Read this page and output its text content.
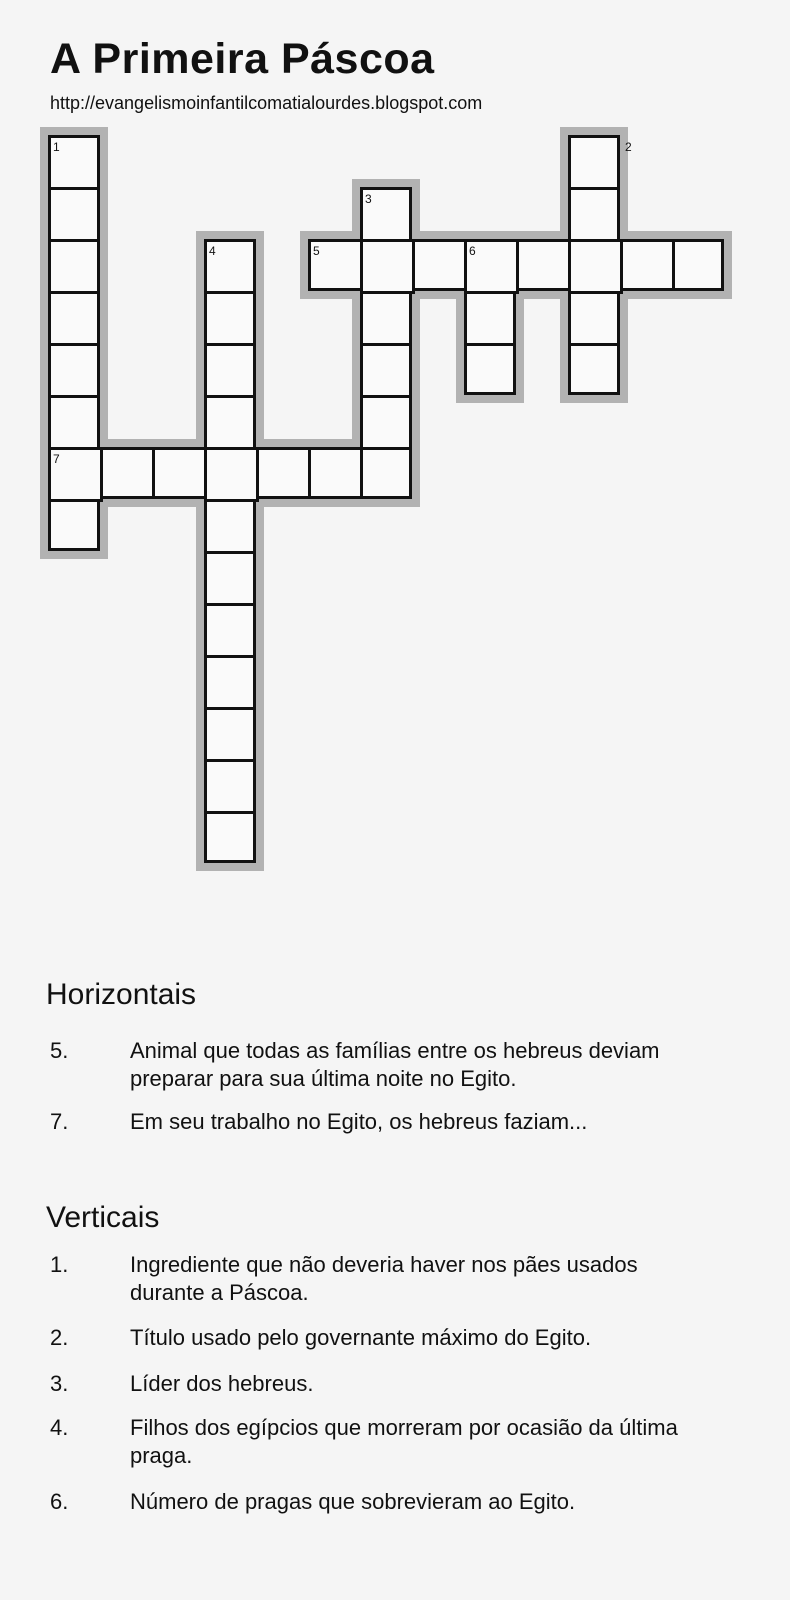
A Primeira Páscoa
http://evangelismoinfantilcomatialourdes.blogspot.com
1	2
3
4	5	6
7
Horizontais
5.	Animal que todas as famílias entre os hebreus deviam preparar para sua última noite no Egito.
7.	Em seu trabalho no Egito, os hebreus faziam...
Verticais
1.	Ingrediente que não deveria haver nos pães usados durante a Páscoa.
2.	Título usado pelo governante máximo do Egito.
3.	Líder dos hebreus.
4.	Filhos dos egípcios que morreram por ocasião da última praga.
6.	Número de pragas que sobrevieram ao Egito.
